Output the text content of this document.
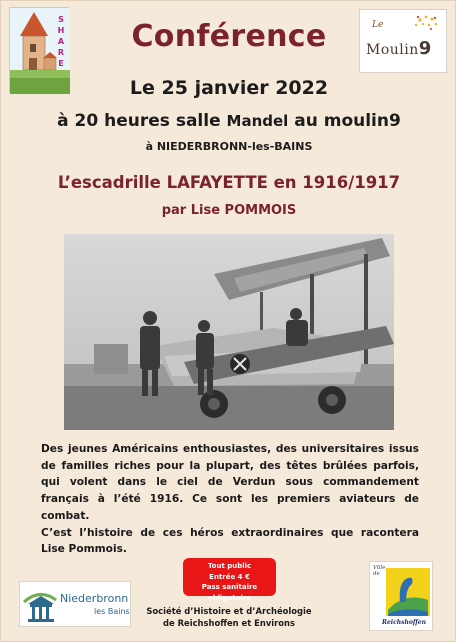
S
H
A
R
E
Le
Moulin9
Conférence
Le 25 janvier 2022
à 20 heures salle Mandel au moulin9
à NIEDERBRONN-les-BAINS
L’escadrille LAFAYETTE en 1916/1917
par Lise POMMOIS

Des jeunes Américains enthousiastes, des universitaires issus de familles riches pour la plupart, des têtes brûlées parfois, qui volent dans le ciel de Verdun sous commandement français à l’été 1916. Ce sont les premiers aviateurs de combat.

C’est l’histoire de ces héros extraordinaires que racontera Lise Pommois.

Tout public
Entrée 4 €
Pass sanitaire obligatoire
Niederbronn
les Bains	Société d’Histoire et d’Archéologie
de Reichshoffen et Environs
Ville de
Reichshoffen
